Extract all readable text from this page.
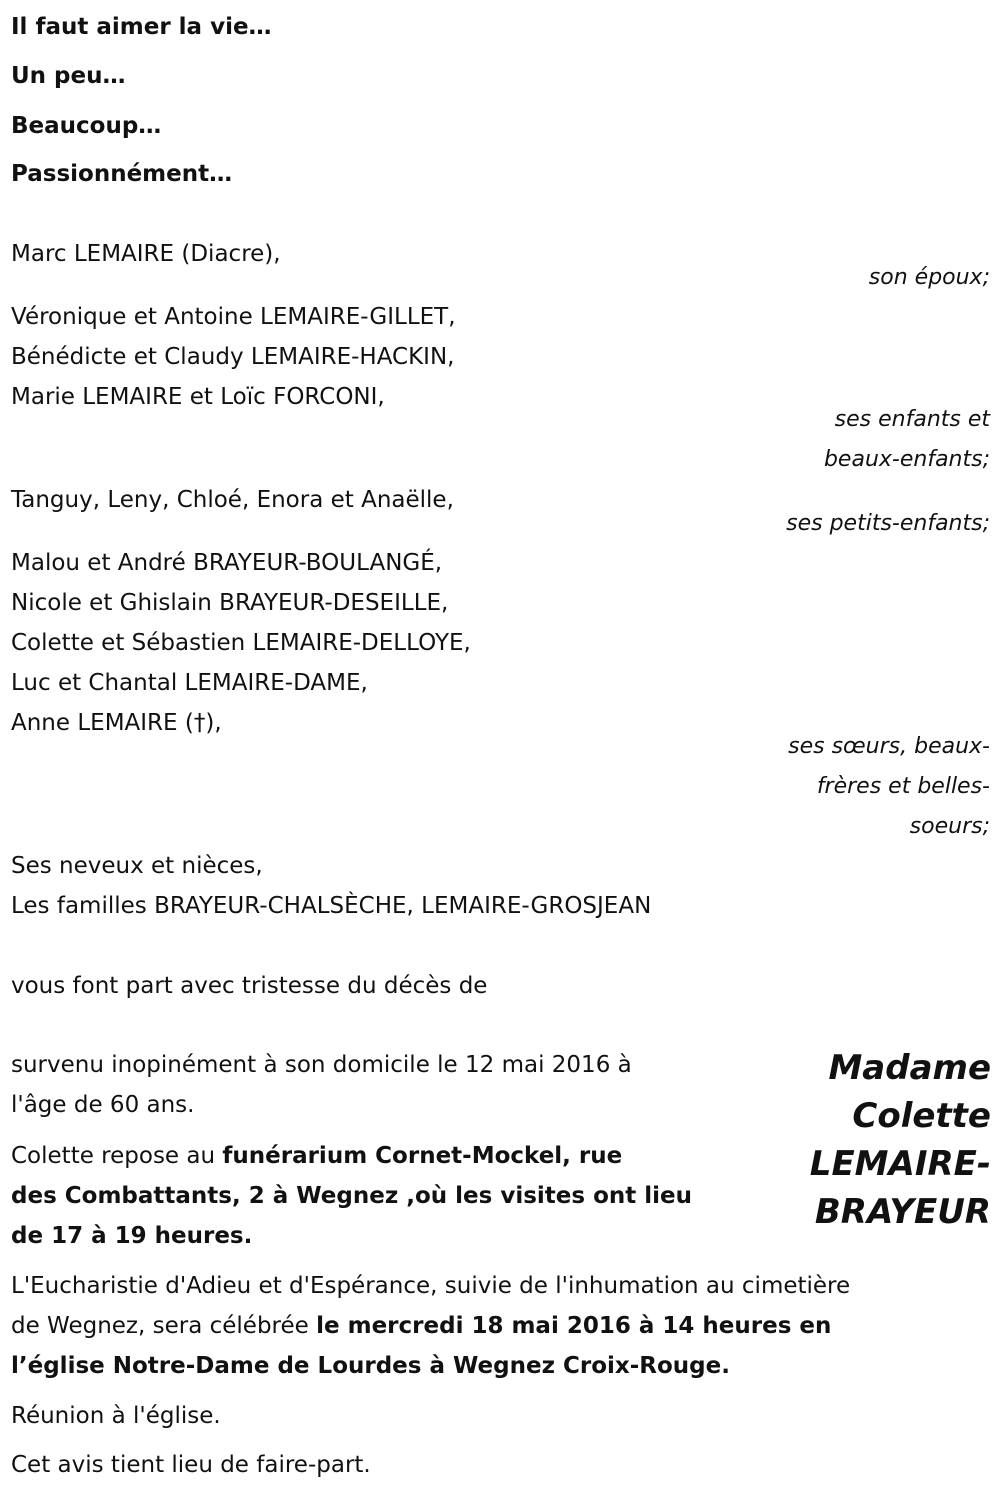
Il faut aimer la vie…
Un peu…
Beaucoup…
Passionnément…
Marc LEMAIRE (Diacre),
son époux;
Véronique et Antoine LEMAIRE-GILLET,
Bénédicte et Claudy LEMAIRE-HACKIN,
Marie LEMAIRE et Loïc FORCONI,
ses enfants et
beaux-enfants;
Tanguy, Leny, Chloé, Enora et Anaëlle,
ses petits-enfants;
Malou et André BRAYEUR-BOULANGÉ,
Nicole et Ghislain BRAYEUR-DESEILLE,
Colette et Sébastien LEMAIRE-DELLOYE,
Luc et Chantal LEMAIRE-DAME,
Anne LEMAIRE (†),
ses sœurs, beaux-
frères et belles-
soeurs;
Ses neveux et nièces,
Les familles BRAYEUR-CHALSÈCHE, LEMAIRE-GROSJEAN
vous font part avec tristesse du décès de
Madame
Colette
LEMAIRE-
BRAYEUR
survenu inopinément à son domicile le 12 mai 2016 à
l'âge de 60 ans.
Colette repose au funérarium Cornet-Mockel, rue
des Combattants, 2 à Wegnez ,où les visites ont lieu
de 17 à 19 heures.
L'Eucharistie d'Adieu et d'Espérance, suivie de l'inhumation au cimetière
de Wegnez, sera célébrée le mercredi 18 mai 2016 à 14 heures en
l’église Notre-Dame de Lourdes à Wegnez Croix-Rouge.
Réunion à l'église.
Cet avis tient lieu de faire-part.
